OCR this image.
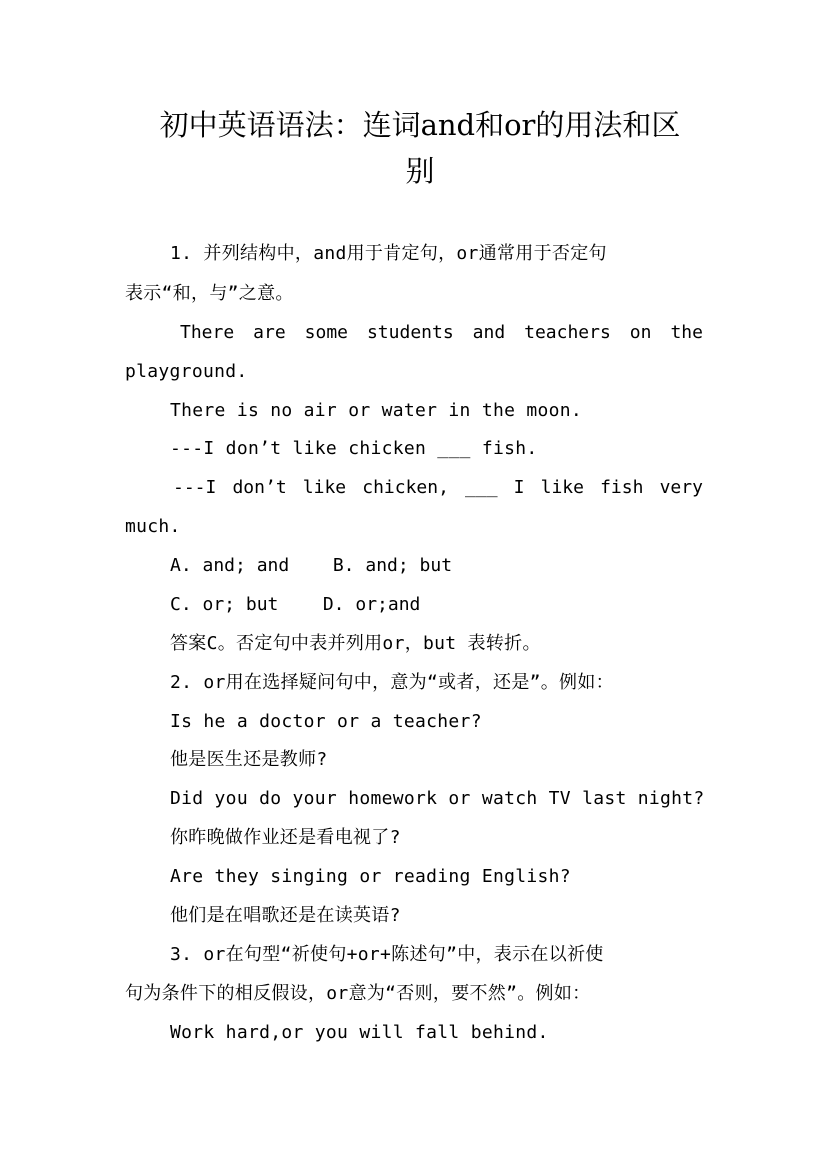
初中英语语法：连词and和or的用法和区
别
1. 并列结构中，and用于肯定句，or通常用于否定句
表示“和，与”之意。
There are some students and teachers on the
playground.
There is no air or water in the moon.
---I don’t like chicken ___ fish.
---I don’t like chicken, ___ I like fish very
much.
A. and; and B. and; but
C. or; but D. or;and
答案C。否定句中表并列用or，but 表转折。
2. or用在选择疑问句中，意为“或者，还是”。例如：
Is he a doctor or a teacher?
他是医生还是教师?
Did you do your homework or watch TV last night?
你昨晚做作业还是看电视了?
Are they singing or reading English?
他们是在唱歌还是在读英语?
3. or在句型“祈使句+or+陈述句”中，表示在以祈使
句为条件下的相反假设，or意为“否则，要不然”。例如：
Work hard,or you will fall behind.
